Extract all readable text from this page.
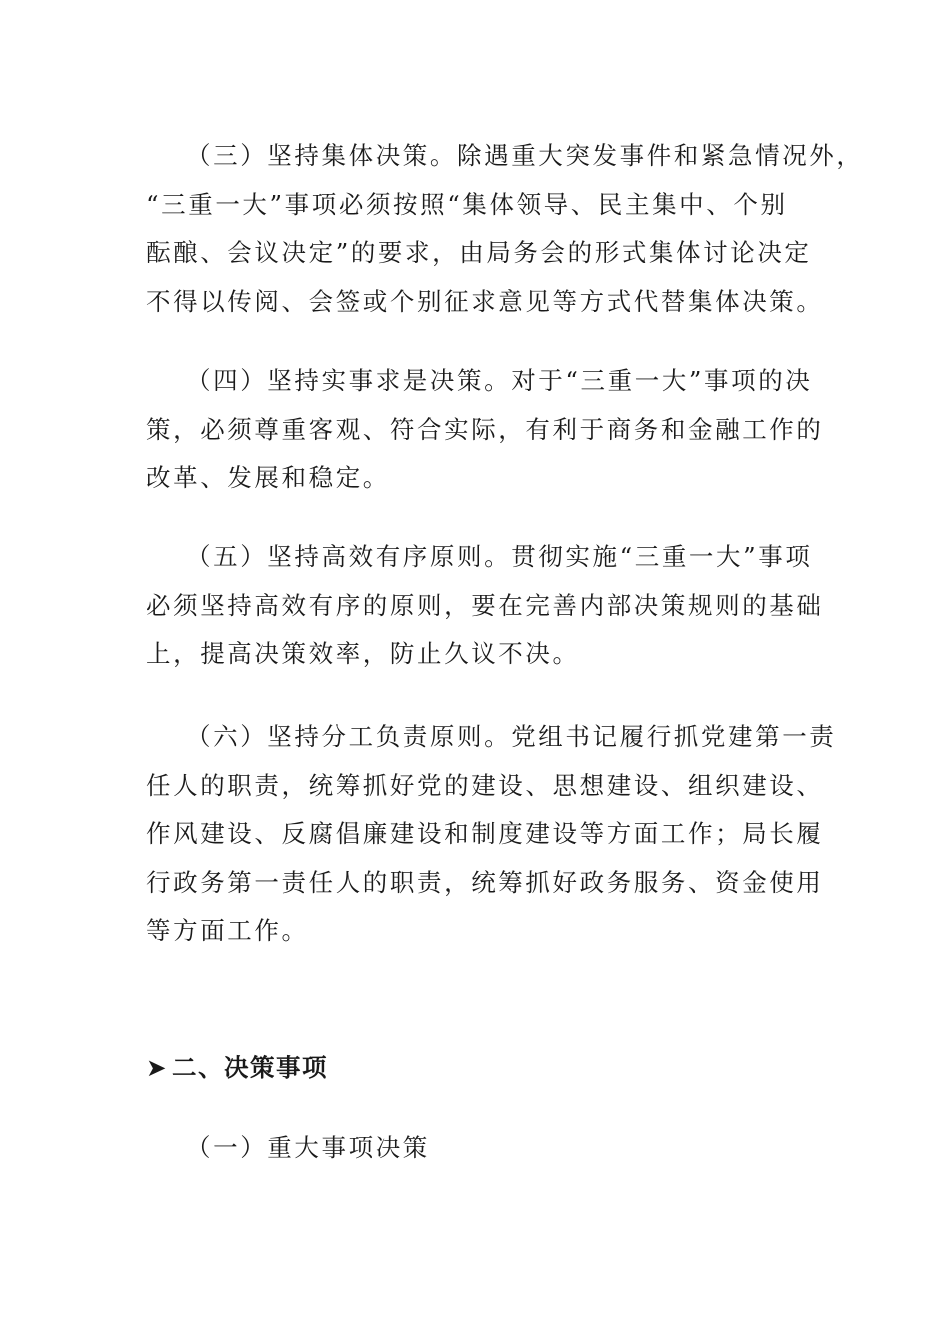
（三）坚持集体决策。除遇重大突发事件和紧急情况外，
“三重一大”事项必须按照“集体领导、民主集中、个别
酝酿、会议决定”的要求，由局务会的形式集体讨论决定
不得以传阅、会签或个别征求意见等方式代替集体决策。
（四）坚持实事求是决策。对于“三重一大”事项的决
策，必须尊重客观、符合实际，有利于商务和金融工作的
改革、发展和稳定。
（五）坚持高效有序原则。贯彻实施“三重一大”事项
必须坚持高效有序的原则，要在完善内部决策规则的基础
上，提高决策效率，防止久议不决。
（六）坚持分工负责原则。党组书记履行抓党建第一责
任人的职责，统筹抓好党的建设、思想建设、组织建设、
作风建设、反腐倡廉建设和制度建设等方面工作；局长履
行政务第一责任人的职责，统筹抓好政务服务、资金使用
等方面工作。
➤ 二、决策事项
（一）重大事项决策
